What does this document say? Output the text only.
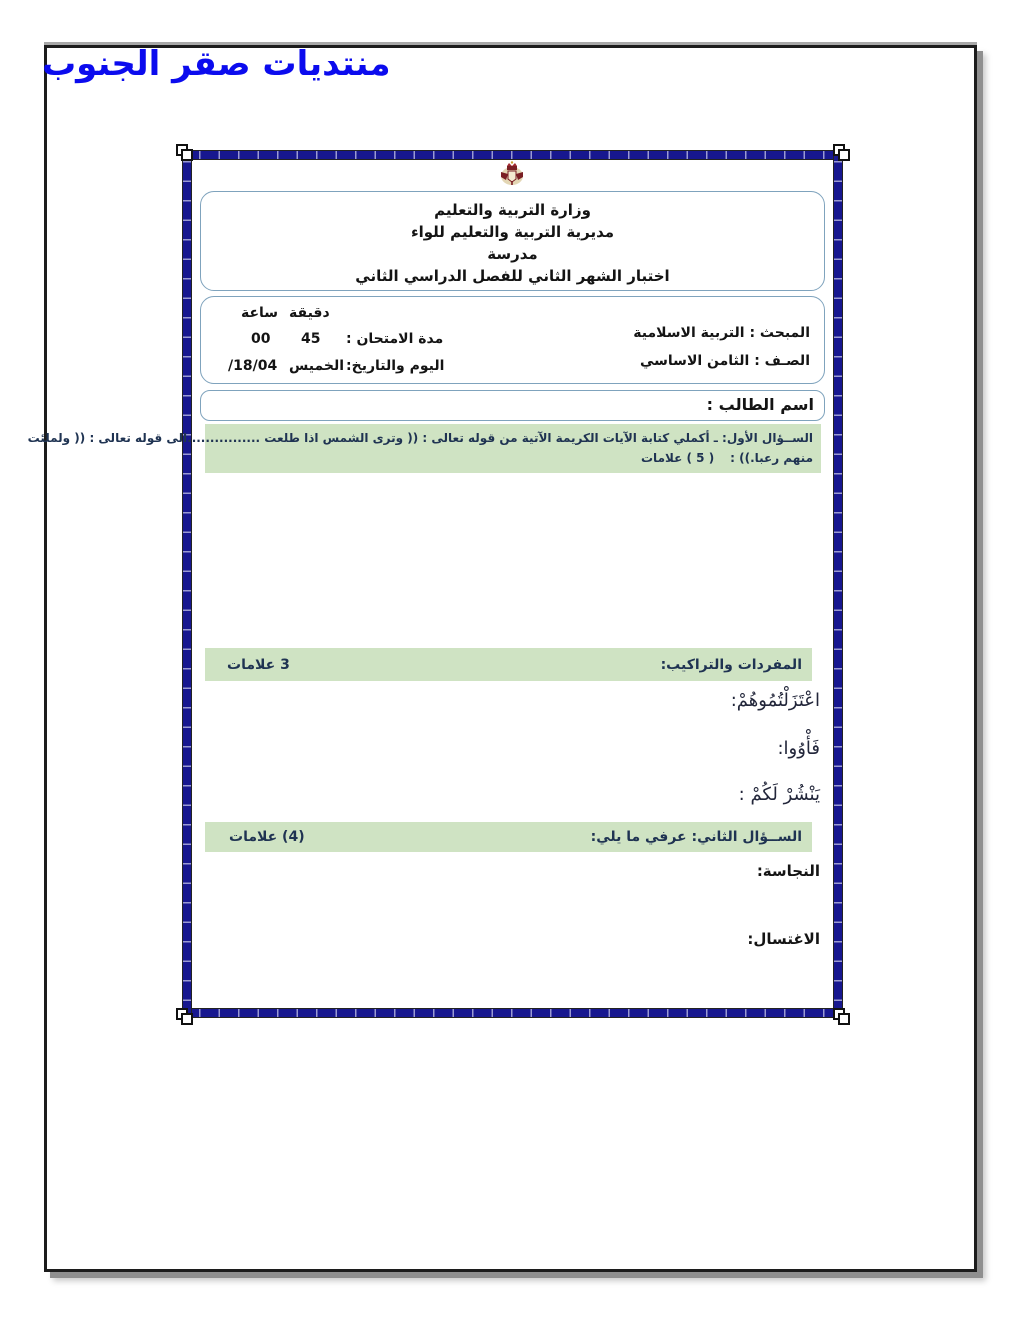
منتديات صقر الجنوب
وزارة التربية والتعليم
مديرية التربية والتعليم للواء
مدرسة
اختبار الشهر الثاني للفصل الدراسي الثاني
المبحث : التربية الاسلامية
الصـف : الثامن الاساسي
دقيقة
ساعة
مدة الامتحان :
45
00
اليوم والتاريخ:
الخميس
18/04/
اسم الطالب :
الســؤال الأول: ـ أكملي كتابة الآيات الكريمة الآتية من قوله تعالى : (( وترى الشمس اذا طلعت ................الى قوله تعالى : (( ولملئت
منهم رعبا.)) :
( 5 ) علامات
المفردات والتراكيب:
3 علامات
اعْتَزَلْتُمُوهُمْ:
فَأْوُوا:
يَنْشُرْ لَكُمْ :
الســؤال الثاني: عرفي ما يلي:
(4) علامات
النجاسة:
الاغتسال:
